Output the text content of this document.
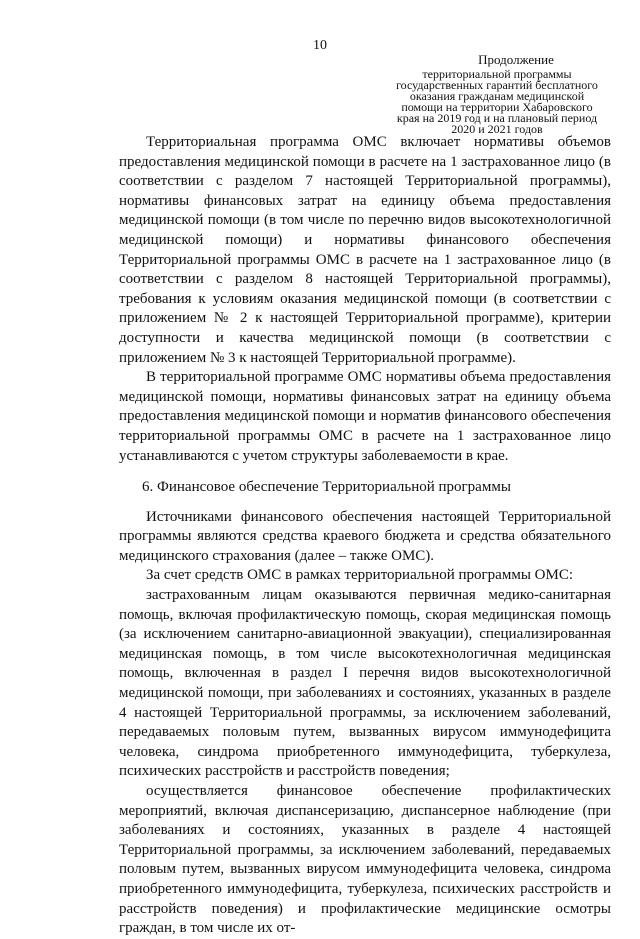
10
Продолжение
территориальной программы
государственных гарантий бесплатного
оказания гражданам медицинской
помощи на территории Хабаровского
края на 2019 год и на плановый период
2020 и 2021 годов

Территориальная программа ОМС включает нормативы объемов предоставления медицинской помощи в расчете на 1 застрахованное лицо (в соответствии с разделом 7 настоящей Территориальной программы), нормативы финансовых затрат на единицу объема предоставления медицинской помощи (в том числе по перечню видов высокотехнологичной медицинской помощи) и нормативы финансового обеспечения Территориальной программы ОМС в расчете на 1 застрахованное лицо (в соответствии с разделом 8 настоящей Территориальной программы), требования к условиям оказания медицинской помощи (в соответствии с приложением № 2 к настоящей Территориальной программе), критерии доступности и качества медицинской помощи (в соответствии с приложением № 3 к настоящей Территориальной программе).

В территориальной программе ОМС нормативы объема предоставления медицинской помощи, нормативы финансовых затрат на единицу объема предоставления медицинской помощи и норматив финансового обеспечения территориальной программы ОМС в расчете на 1 застрахованное лицо устанавливаются с учетом структуры заболеваемости в крае.

6. Финансовое обеспечение Территориальной программы

Источниками финансового обеспечения настоящей Территориальной программы являются средства краевого бюджета и средства обязательного медицинского страхования (далее – также ОМС).

За счет средств ОМС в рамках территориальной программы ОМС:

застрахованным лицам оказываются первичная медико-санитарная помощь, включая профилактическую помощь, скорая медицинская помощь (за исключением санитарно-авиационной эвакуации), специализированная медицинская помощь, в том числе высокотехнологичная медицинская помощь, включенная в раздел I перечня видов высокотехнологичной медицинской помощи, при заболеваниях и состояниях, указанных в разделе 4 настоящей Территориальной программы, за исключением заболеваний, передаваемых половым путем, вызванных вирусом иммунодефицита человека, синдрома приобретенного иммунодефицита, туберкулеза, психических расстройств и расстройств поведения;

осуществляется финансовое обеспечение профилактических мероприятий, включая диспансеризацию, диспансерное наблюдение (при заболеваниях и состояниях, указанных в разделе 4 настоящей Территориальной программы, за исключением заболеваний, передаваемых половым путем, вызванных вирусом иммунодефицита человека, синдрома приобретенного иммунодефицита, туберкулеза, психических расстройств и расстройств поведения) и профилактические медицинские осмотры граждан, в том числе их от-
